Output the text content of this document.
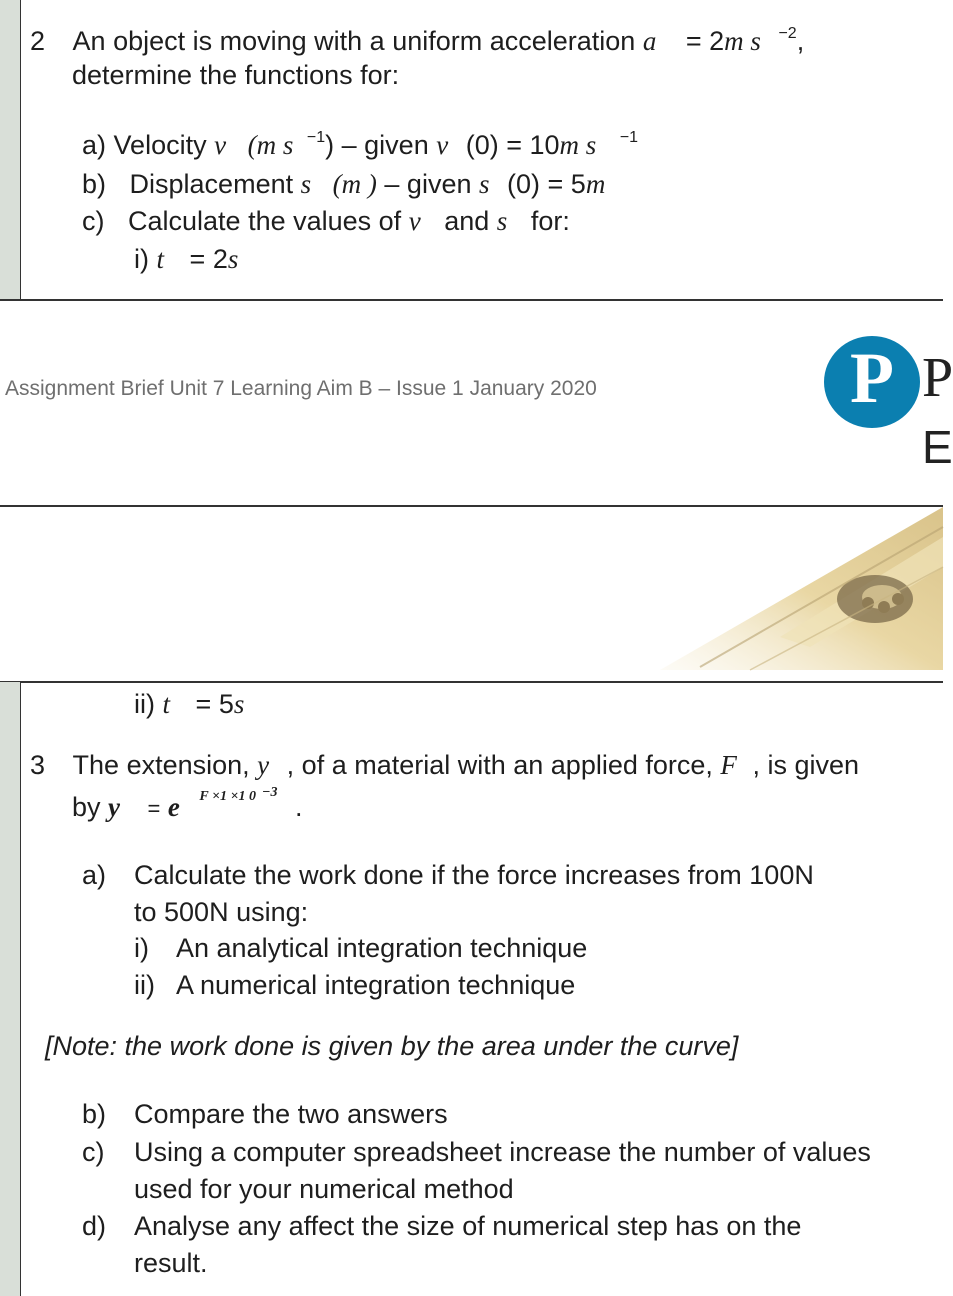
2 An object is moving with a uniform acceleration a = 2m s $^{-2}$,
determine the functions for:
a) Velocity v (m s $^{-1}$) – given v (0) = 10m s $^{-1}$
b) Displacement s (m ) – given s (0) = 5m
c) Calculate the values of v and s for:
i) t = 2s
Assignment Brief Unit 7 Learning Aim B – Issue 1 January 2020	P P
E
ii) t = 5s
3 The extension, y , of a material with an applied force, F , is given
by y = e $^{F \times 1 \times 1 0}$ $^{-3}$ .
a) Calculate the work done if the force increases from 100N
to 500N using:
i) An analytical integration technique
ii) A numerical integration technique
[Note: the work done is given by the area under the curve]
b) Compare the two answers
c) Using a computer spreadsheet increase the number of values
used for your numerical method
d) Analyse any affect the size of numerical step has on the
result.
